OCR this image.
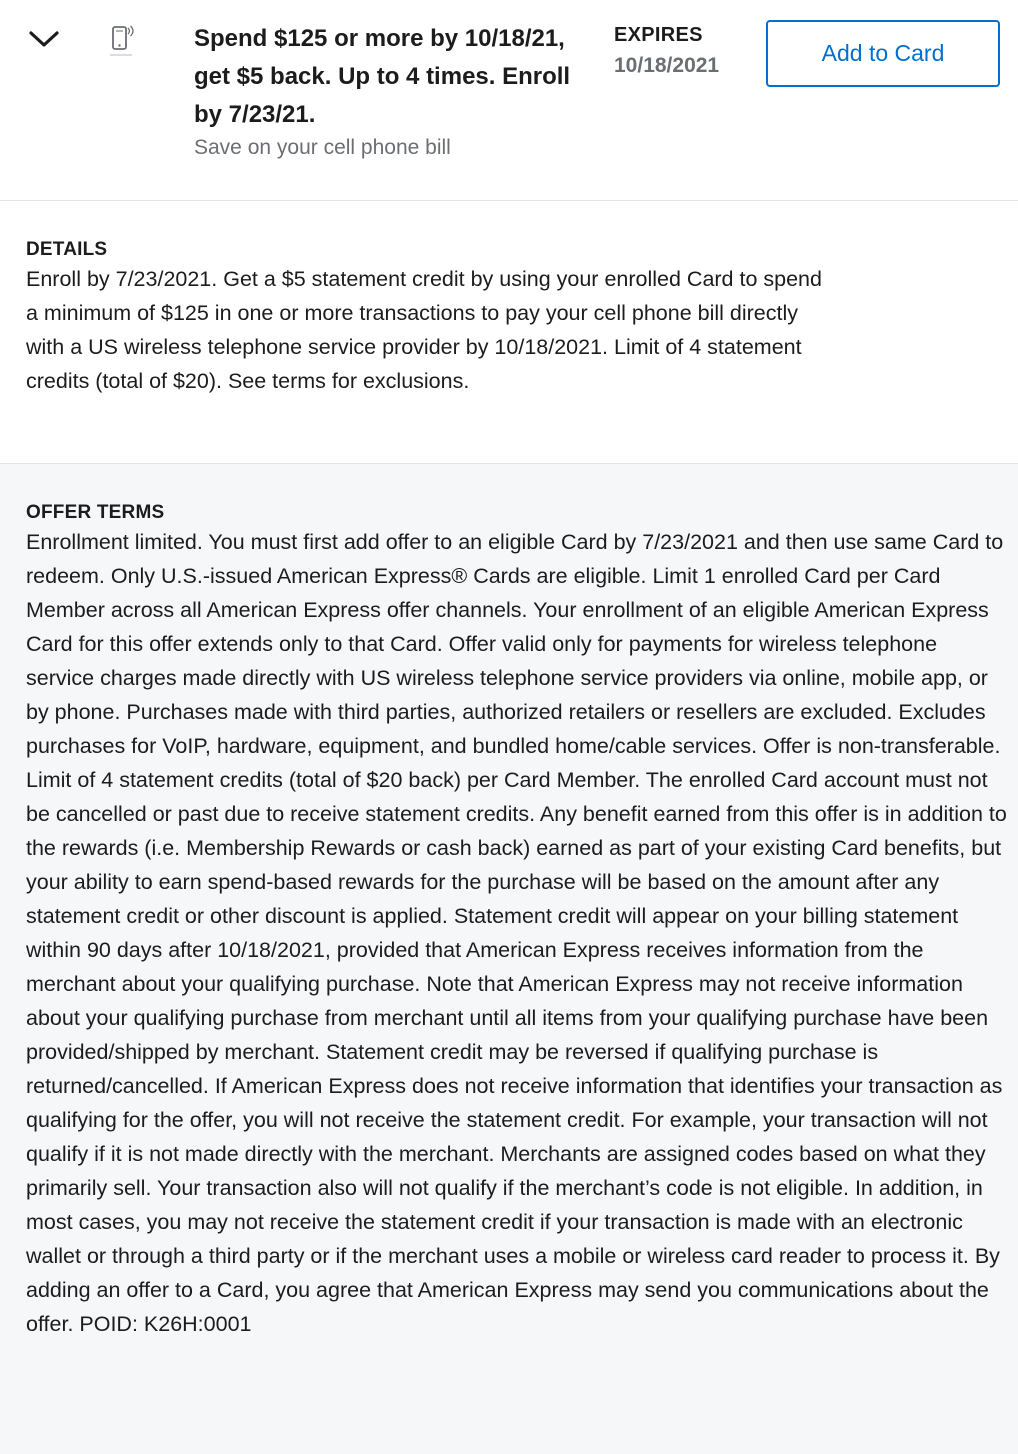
Spend $125 or more by 10/18/21, get $5 back. Up to 4 times. Enroll by 7/23/21.
Save on your cell phone bill
EXPIRES
10/18/2021	Add to Card
DETAILS
Enroll by 7/23/2021. Get a $5 statement credit by using your enrolled Card to spend a minimum of $125 in one or more transactions to pay your cell phone bill directly with a US wireless telephone service provider by 10/18/2021. Limit of 4 statement credits (total of $20). See terms for exclusions.
OFFER TERMS
Enrollment limited. You must first add offer to an eligible Card by 7/23/2021 and then use same Card to redeem. Only U.S.-issued American Express® Cards are eligible. Limit 1 enrolled Card per Card Member across all American Express offer channels. Your enrollment of an eligible American Express Card for this offer extends only to that Card. Offer valid only for payments for wireless telephone service charges made directly with US wireless telephone service providers via online, mobile app, or by phone. Purchases made with third parties, authorized retailers or resellers are excluded. Excludes purchases for VoIP, hardware, equipment, and bundled home/cable services. Offer is non-transferable. Limit of 4 statement credits (total of $20 back) per Card Member. The enrolled Card account must not be cancelled or past due to receive statement credits. Any benefit earned from this offer is in addition to the rewards (i.e. Membership Rewards or cash back) earned as part of your existing Card benefits, but your ability to earn spend-based rewards for the purchase will be based on the amount after any statement credit or other discount is applied. Statement credit will appear on your billing statement within 90 days after 10/18/2021, provided that American Express receives information from the merchant about your qualifying purchase. Note that American Express may not receive information about your qualifying purchase from merchant until all items from your qualifying purchase have been provided/shipped by merchant. Statement credit may be reversed if qualifying purchase is returned/cancelled. If American Express does not receive information that identifies your transaction as qualifying for the offer, you will not receive the statement credit. For example, your transaction will not qualify if it is not made directly with the merchant. Merchants are assigned codes based on what they primarily sell. Your transaction also will not qualify if the merchant’s code is not eligible. In addition, in most cases, you may not receive the statement credit if your transaction is made with an electronic wallet or through a third party or if the merchant uses a mobile or wireless card reader to process it. By adding an offer to a Card, you agree that American Express may send you communications about the offer. POID: K26H:0001
